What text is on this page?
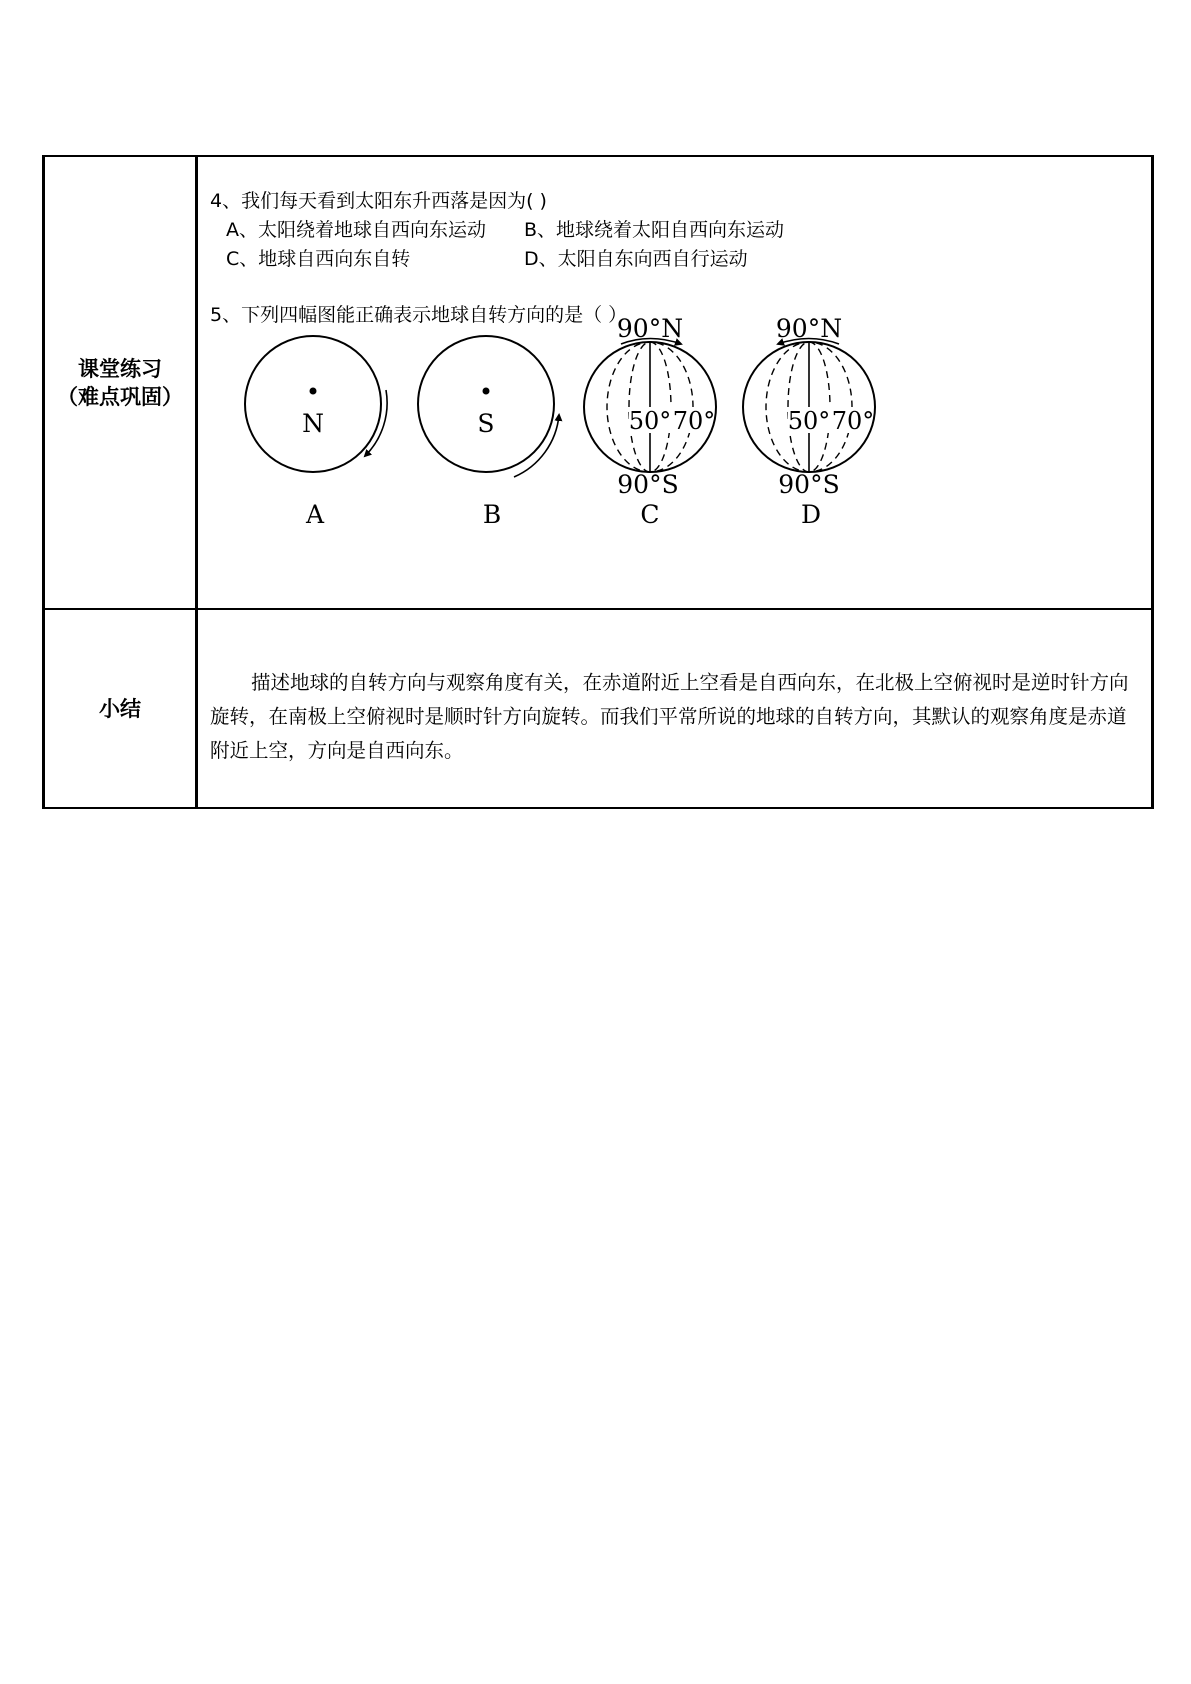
课堂练习
（难点巩固）
4、我们每天看到太阳东升西落是因为( )
A、太阳绕着地球自西向东运动 B、地球绕着太阳自西向东运动
C、地球自西向东自转	D、太阳自东向西自行运动
5、下列四幅图能正确表示地球自转方向的是（ ）
N
A
S
B
90°N
50° 70°
90°S
C
90°N
50° 70°
90°S
D
小结
描述地球的自转方向与观察角度有关，在赤道附近上空看是自西向东，在北极上空俯视时是逆时针方向旋转，在南极上空俯视时是顺时针方向旋转。而我们平常所说的地球的自转方向，其默认的观察角度是赤道附近上空，方向是自西向东。
